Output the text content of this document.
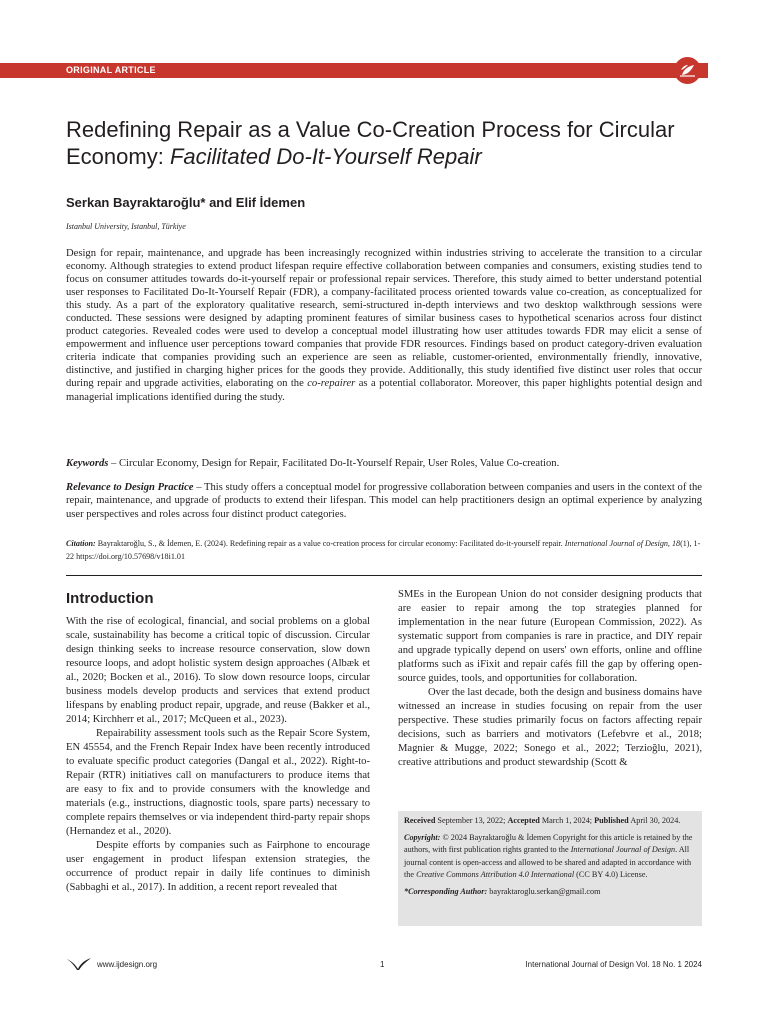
ORIGINAL ARTICLE
Redefining Repair as a Value Co-Creation Process for Circular Economy: Facilitated Do-It-Yourself Repair
Serkan Bayraktaroğlu* and Elif İdemen
Istanbul University, Istanbul, Türkiye

Design for repair, maintenance, and upgrade has been increasingly recognized within industries striving to accelerate the transition to a circular economy. Although strategies to extend product lifespan require effective collaboration between companies and consumers, existing studies tend to focus on consumer attitudes towards do-it-yourself repair or professional repair services. Therefore, this study aimed to better understand potential user responses to Facilitated Do-It-Yourself Repair (FDR), a company-facilitated process oriented towards value co-creation, as conceptualized for this study. As a part of the exploratory qualitative research, semi-structured in-depth interviews and two desktop walkthrough sessions were conducted. These sessions were designed by adapting prominent features of similar business cases to hypothetical scenarios across four distinct product categories. Revealed codes were used to develop a conceptual model illustrating how user attitudes towards FDR may elicit a sense of empowerment and influence user perceptions toward companies that provide FDR resources. Findings based on product category-driven evaluation criteria indicate that companies providing such an experience are seen as reliable, customer-oriented, environmentally friendly, innovative, distinctive, and justified in charging higher prices for the goods they provide. Additionally, this study identified five distinct user roles that occur during repair and upgrade activities, elaborating on the co-repairer as a potential collaborator. Moreover, this paper highlights potential design and managerial implications identified during the study.

Keywords – Circular Economy, Design for Repair, Facilitated Do-It-Yourself Repair, User Roles, Value Co-creation.

Relevance to Design Practice – This study offers a conceptual model for progressive collaboration between companies and users in the context of the repair, maintenance, and upgrade of products to extend their lifespan. This model can help practitioners design an optimal experience by analyzing user perspectives and roles across four distinct product categories.

Citation: Bayraktaroğlu, S., & İdemen, E. (2024). Redefining repair as a value co-creation process for circular economy: Facilitated do-it-yourself repair. International Journal of Design, 18(1), 1-22 https://doi.org/10.57698/v18i1.01

Introduction

With the rise of ecological, financial, and social problems on a global scale, sustainability has become a critical topic of discussion. Circular design thinking seeks to increase resource conservation, slow down resource loops, and adopt holistic system design approaches (Albæk et al., 2020; Bocken et al., 2016). To slow down resource loops, circular business models develop products and services that extend product lifespans by enabling product repair, upgrade, and reuse (Bakker et al., 2014; Kirchherr et al., 2017; McQueen et al., 2023).

Repairability assessment tools such as the Repair Score System, EN 45554, and the French Repair Index have been recently introduced to evaluate specific product categories (Dangal et al., 2022). Right-to-Repair (RTR) initiatives call on manufacturers to produce items that are easy to fix and to provide consumers with the knowledge and materials (e.g., instructions, diagnostic tools, spare parts) necessary to complete repairs themselves or via independent third-party repair shops (Hernandez et al., 2020).

Despite efforts by companies such as Fairphone to encourage user engagement in product lifespan extension strategies, the occurrence of product repair in daily life continues to diminish (Sabbaghi et al., 2017). In addition, a recent report revealed that

SMEs in the European Union do not consider designing products that are easier to repair among the top strategies planned for implementation in the near future (European Commission, 2022). As systematic support from companies is rare in practice, and DIY repair and upgrade typically depend on users' own efforts, online and offline platforms such as iFixit and repair cafés fill the gap by offering open-source guides, tools, and opportunities for collaboration.

Over the last decade, both the design and business domains have witnessed an increase in studies focusing on repair from the user perspective. These studies primarily focus on factors affecting repair decisions, such as barriers and motivators (Lefebvre et al., 2018; Magnier & Mugge, 2022; Sonego et al., 2022; Terzioğlu, 2021), creative attributions and product stewardship (Scott &

Received September 13, 2022; Accepted March 1, 2024; Published April 30, 2024.

Copyright: © 2024 Bayraktaroğlu & İdemen Copyright for this article is retained by the authors, with first publication rights granted to the International Journal of Design. All journal content is open-access and allowed to be shared and adapted in accordance with the Creative Commons Attribution 4.0 International (CC BY 4.0) License.

*Corresponding Author: bayraktaroglu.serkan@gmail.com

www.ijdesign.org	1	International Journal of Design Vol. 18 No. 1 2024
